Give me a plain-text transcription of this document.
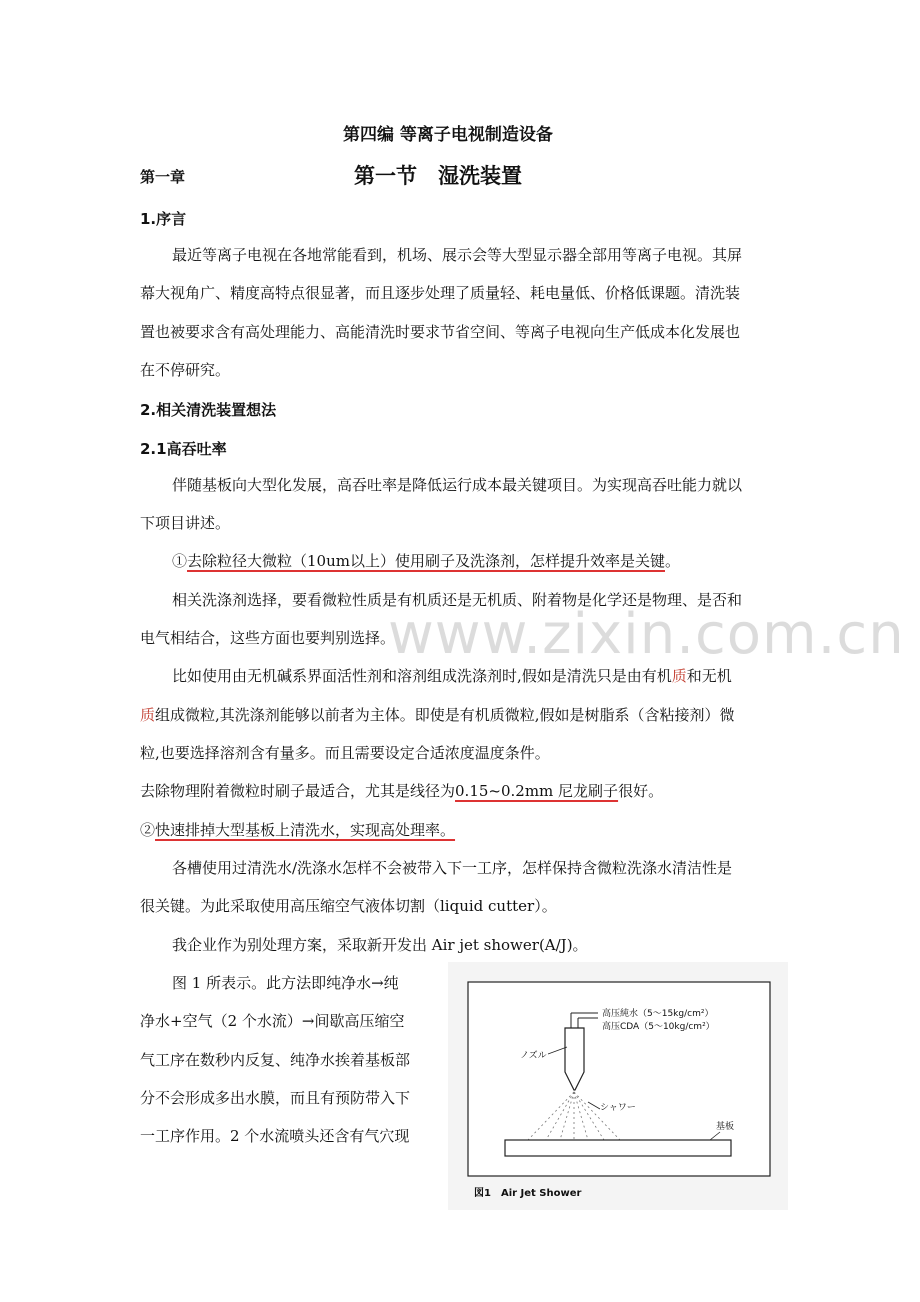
第四编 等离子电视制造设备
第一章	第一节　湿洗装置
1.序言
最近等离子电视在各地常能看到，机场、展示会等大型显示器全部用等离子电视。其屏
幕大视角广、精度高特点很显著，而且逐步处理了质量轻、耗电量低、价格低课题。清洗装
置也被要求含有高处理能力、高能清洗时要求节省空间、等离子电视向生产低成本化发展也
在不停研究。
2.相关清洗装置想法
2.1高吞吐率
伴随基板向大型化发展，高吞吐率是降低运行成本最关键项目。为实现高吞吐能力就以
下项目讲述。
①去除粒径大微粒（10um以上）使用刷子及洗涤剂，怎样提升效率是关键。
相关洗涤剂选择，要看微粒性质是有机质还是无机质、附着物是化学还是物理、是否和
电气相结合，这些方面也要判别选择。
www.zixin.com.cn
比如使用由无机碱系界面活性剂和溶剂组成洗涤剂时,假如是清洗只是由有机质和无机
质组成微粒,其洗涤剂能够以前者为主体。即使是有机质微粒,假如是树脂系（含粘接剂）微
粒,也要选择溶剂含有量多。而且需要设定合适浓度温度条件。
去除物理附着微粒时刷子最适合，尤其是线径为0.15~0.2mm 尼龙刷子很好。
②快速排掉大型基板上清洗水，实现高处理率。
各槽使用过清洗水/洗涤水怎样不会被带入下一工序，怎样保持含微粒洗涤水清洁性是
很关键。为此采取使用高压缩空气液体切割（liquid cutter）。
我企业作为别处理方案，采取新开发出 Air jet shower(A/J)。
图 1 所表示。此方法即纯净水→纯
净水+空气（2 个水流）→间歇高压缩空
气工序在数秒内反复、纯净水挨着基板部
分不会形成多出水膜，而且有预防带入下
一工序作用。2 个水流喷头还含有气穴现
高压純水（5～15kg/cm²）
高压CDA（5～10kg/cm²）
ノズル
シャワー
基板
図1　Air Jet Shower
